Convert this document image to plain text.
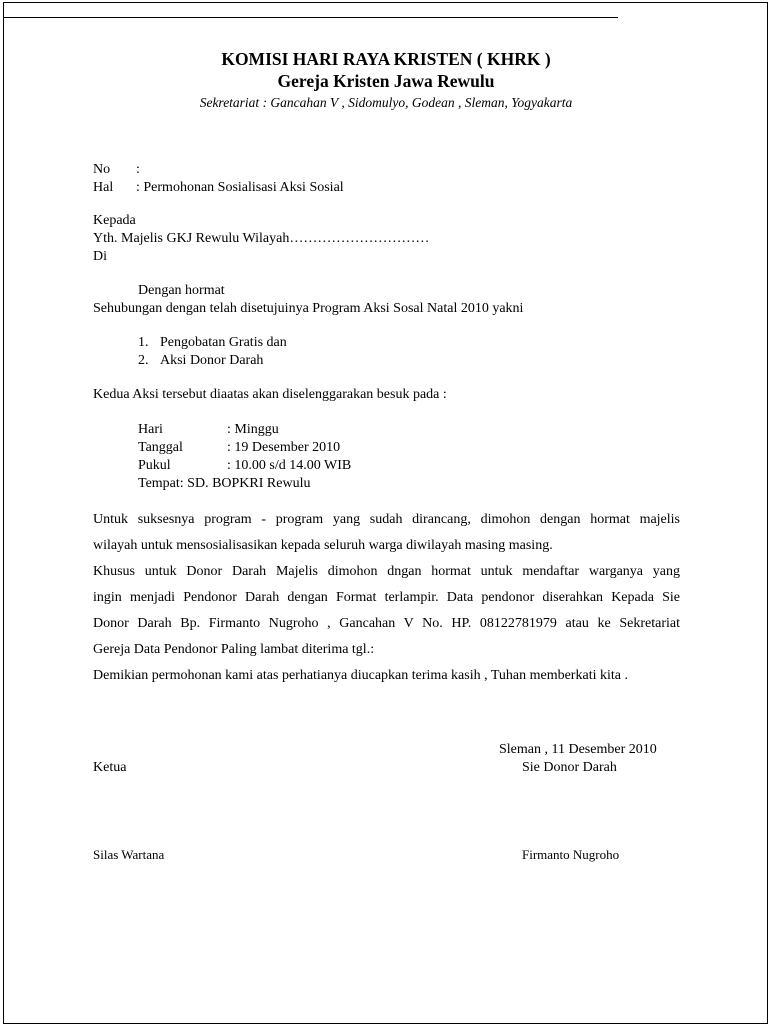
KOMISI HARI RAYA KRISTEN ( KHRK )
Gereja Kristen Jawa Rewulu
Sekretariat : Gancahan V , Sidomulyo, Godean , Sleman, Yogyakarta
No :
Hal : Permohonan Sosialisasi Aksi Sosial
Kepada
Yth. Majelis GKJ Rewulu Wilayah…………………………
Di
Dengan hormat
Sehubungan dengan telah disetujuinya Program Aksi Sosal Natal 2010 yakni
1. Pengobatan Gratis dan
2. Aksi Donor Darah
Kedua Aksi tersebut diaatas akan diselenggarakan besuk pada :
Hari	: Minggu
Tanggal	: 19 Desember 2010
Pukul	: 10.00 s/d 14.00 WIB
Tempat: SD. BOPKRI Rewulu
Untuk suksesnya program - program yang sudah dirancang, dimohon dengan hormat majelis
wilayah untuk mensosialisasikan kepada seluruh warga diwilayah masing masing.
Khusus untuk Donor Darah Majelis dimohon dngan hormat untuk mendaftar warganya yang
ingin menjadi Pendonor Darah dengan Format terlampir. Data pendonor diserahkan Kepada Sie
Donor Darah Bp. Firmanto Nugroho , Gancahan V No. HP. 08122781979 atau ke Sekretariat
Gereja Data Pendonor Paling lambat diterima tgl.:
Demikian permohonan kami atas perhatianya diucapkan terima kasih , Tuhan memberkati kita .
Sleman , 11 Desember 2010
Ketua	Sie Donor Darah
Silas Wartana	Firmanto Nugroho
